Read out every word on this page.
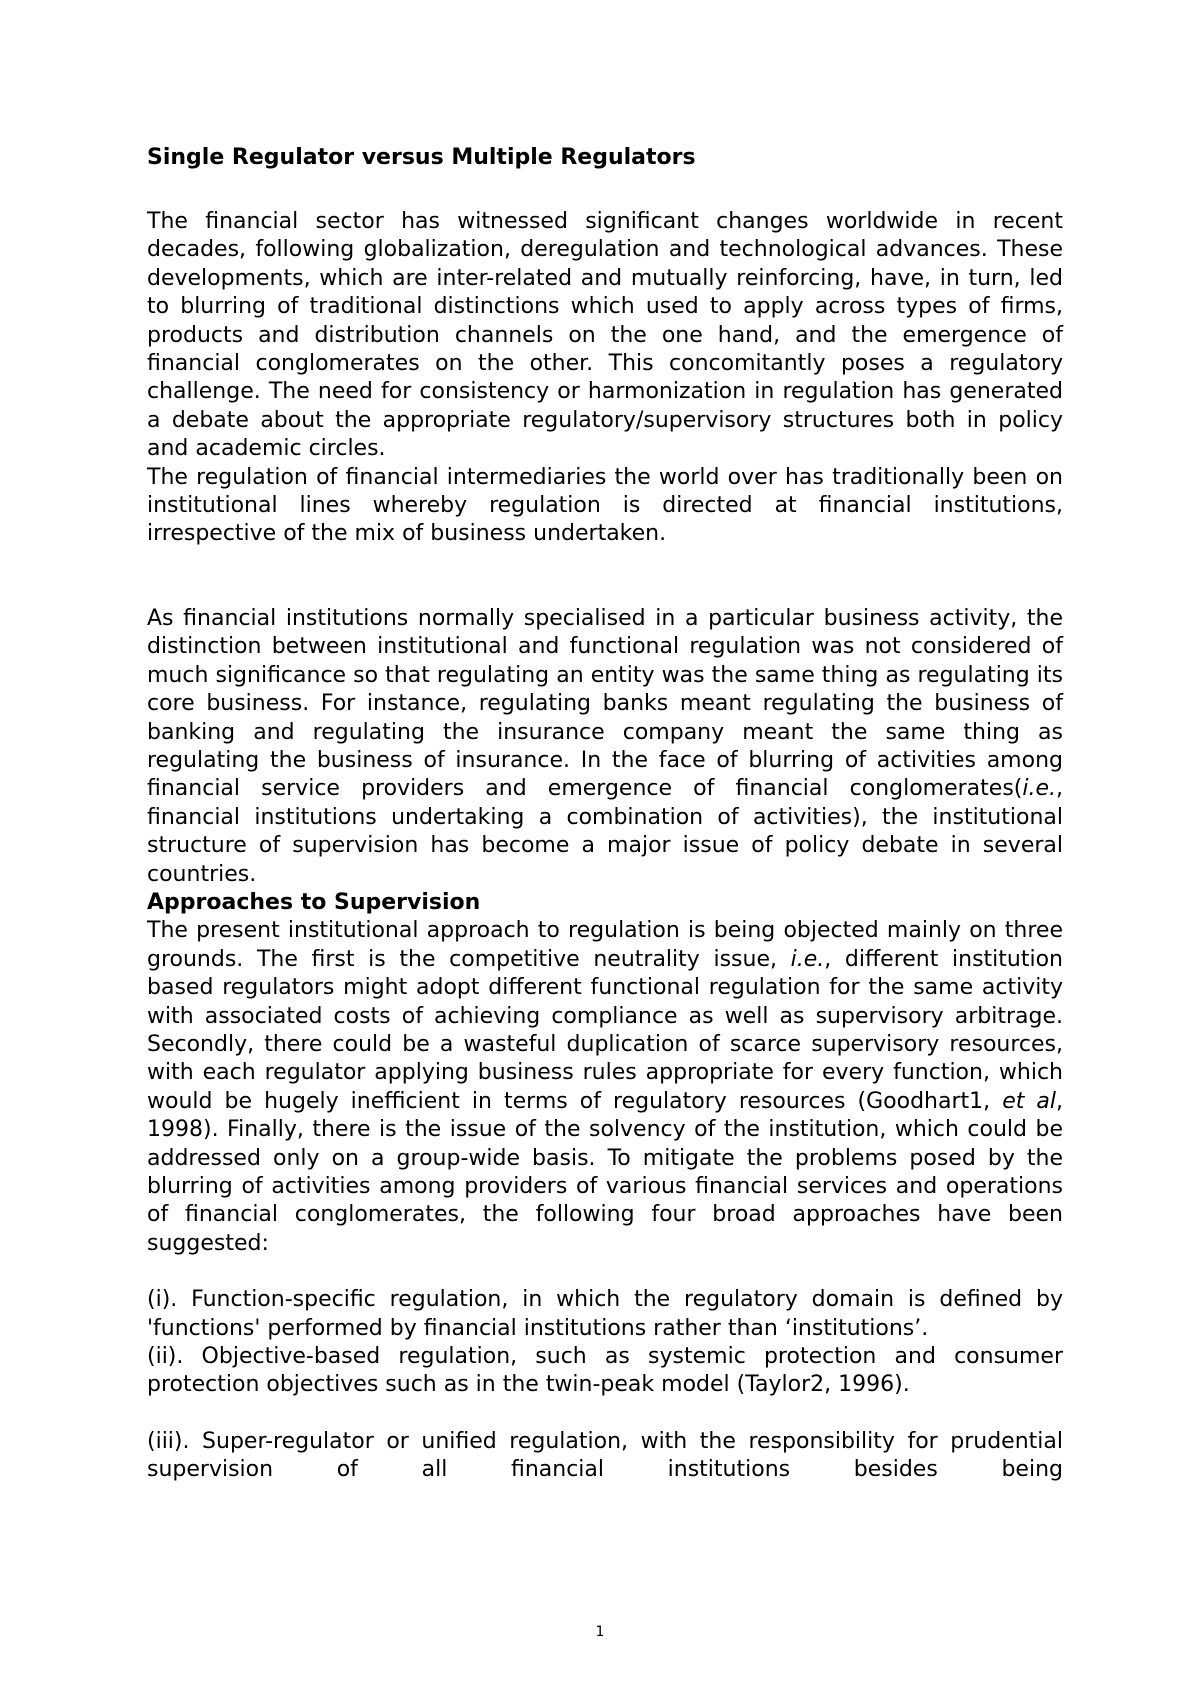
Single Regulator versus Multiple Regulators

The financial sector has witnessed significant changes worldwide in recent decades, following globalization, deregulation and technological advances. These developments, which are inter-related and mutually reinforcing, have, in turn, led to blurring of traditional distinctions which used to apply across types of firms, products and distribution channels on the one hand, and the emergence of financial conglomerates on the other. This concomitantly poses a regulatory challenge. The need for consistency or harmonization in regulation has generated a debate about the appropriate regulatory/supervisory structures both in policy and academic circles.

The regulation of financial intermediaries the world over has traditionally been on institutional lines whereby regulation is directed at financial institutions, irrespective of the mix of business undertaken.

As financial institutions normally specialised in a particular business activity, the distinction between institutional and functional regulation was not considered of much significance so that regulating an entity was the same thing as regulating its core business. For instance, regulating banks meant regulating the business of banking and regulating the insurance company meant the same thing as regulating the business of insurance. In the face of blurring of activities among financial service providers and emergence of financial conglomerates(i.e., financial institutions undertaking a combination of activities), the institutional structure of supervision has become a major issue of policy debate in several countries.

Approaches to Supervision

The present institutional approach to regulation is being objected mainly on three grounds. The first is the competitive neutrality issue, i.e., different institution based regulators might adopt different functional regulation for the same activity with associated costs of achieving compliance as well as supervisory arbitrage. Secondly, there could be a wasteful duplication of scarce supervisory resources, with each regulator applying business rules appropriate for every function, which would be hugely inefficient in terms of regulatory resources (Goodhart1, et al, 1998). Finally, there is the issue of the solvency of the institution, which could be addressed only on a group-wide basis. To mitigate the problems posed by the blurring of activities among providers of various financial services and operations of financial conglomerates, the following four broad approaches have been suggested:

(i). Function-specific regulation, in which the regulatory domain is defined by 'functions' performed by financial institutions rather than ‘institutions’.

(ii). Objective-based regulation, such as systemic protection and consumer protection objectives such as in the twin-peak model (Taylor2, 1996).

(iii). Super-regulator or unified regulation, with the responsibility for prudential supervision of all financial institutions besides being

1
